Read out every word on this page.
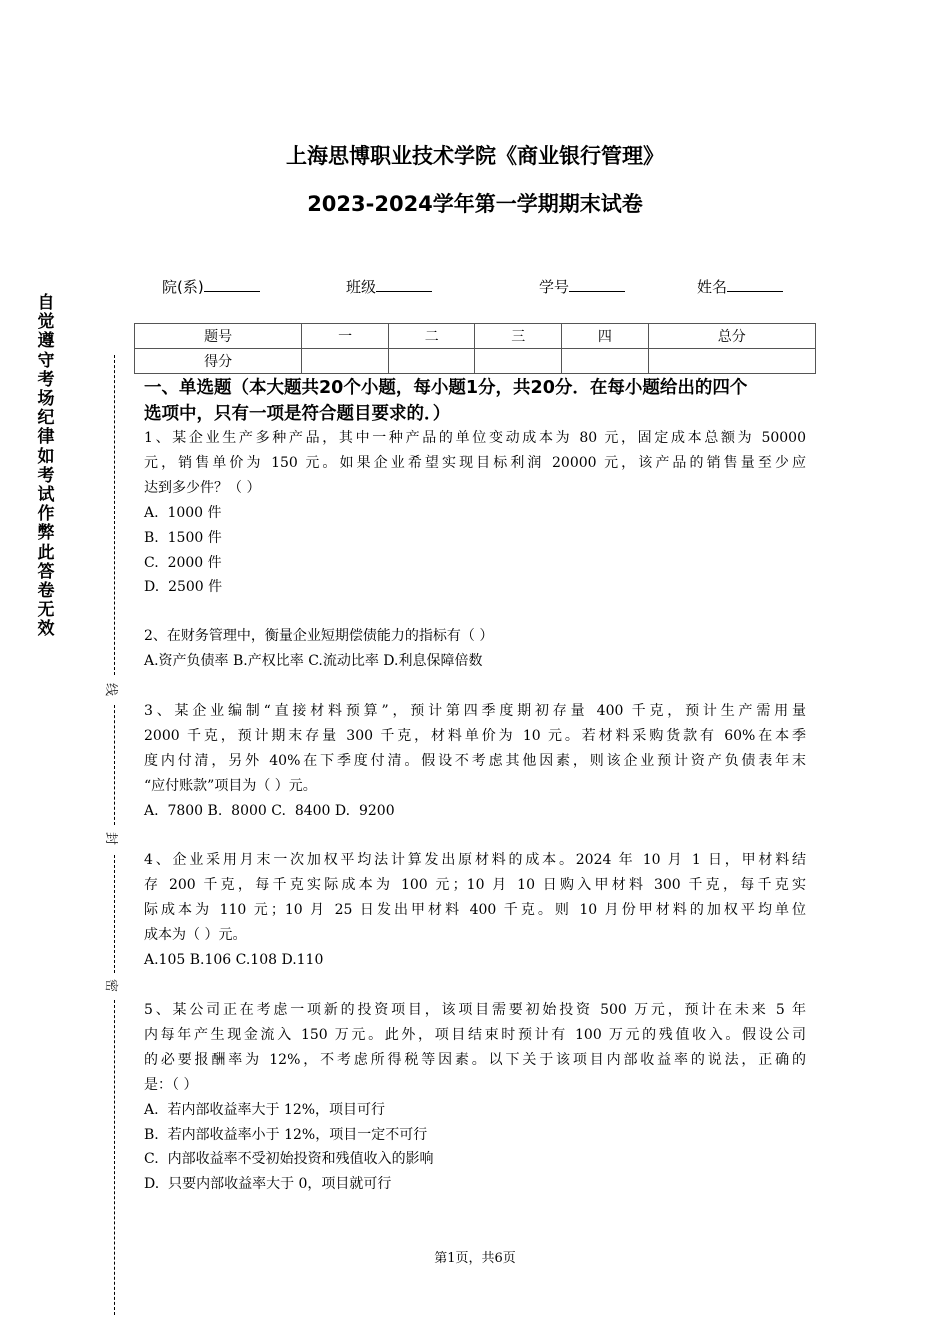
上海思博职业技术学院《商业银行管理》
2023-2024学年第一学期期末试卷
院(系)	班级	学号	姓名
题号	一	二	三	四	总分
得分					
自觉遵守考场纪律如考试作弊此答卷无效
线
封
密
一、单选题（本大题共20个小题，每小题1分，共20分．在每小题给出的四个
选项中，只有一项是符合题目要求的．）
1、某企业生产多种产品，其中一种产品的单位变动成本为 80 元，固定成本总额为 50000
元，销售单价为 150 元。如果企业希望实现目标利润 20000 元，该产品的销售量至少应
达到多少件？（ ）
A.  1000 件
B.  1500 件
C.  2000 件
D.  2500 件
2、在财务管理中，衡量企业短期偿债能力的指标有（ ）
A.资产负债率 B.产权比率 C.流动比率 D.利息保障倍数
3、某企业编制“直接材料预算”，预计第四季度期初存量 400 千克，预计生产需用量
2000 千克，预计期末存量 300 千克，材料单价为 10 元。若材料采购货款有 60%在本季
度内付清，另外 40%在下季度付清。假设不考虑其他因素，则该企业预计资产负债表年末
“应付账款”项目为（ ）元。
A.  7800 B.  8000 C.  8400 D.  9200
4、企业采用月末一次加权平均法计算发出原材料的成本。2024 年 10 月 1 日，甲材料结
存 200 千克，每千克实际成本为 100 元；10 月 10 日购入甲材料 300 千克，每千克实
际成本为 110 元；10 月 25 日发出甲材料 400 千克。则 10 月份甲材料的加权平均单位
成本为（ ）元。
A.105 B.106 C.108 D.110
5、某公司正在考虑一项新的投资项目，该项目需要初始投资 500 万元，预计在未来 5 年
内每年产生现金流入 150 万元。此外，项目结束时预计有 100 万元的残值收入。假设公司
的必要报酬率为 12%，不考虑所得税等因素。以下关于该项目内部收益率的说法，正确的
是：（ ）
A.  若内部收益率大于 12%，项目可行
B.  若内部收益率小于 12%，项目一定不可行
C.  内部收益率不受初始投资和残值收入的影响
D.  只要内部收益率大于 0，项目就可行
第1页，共6页
